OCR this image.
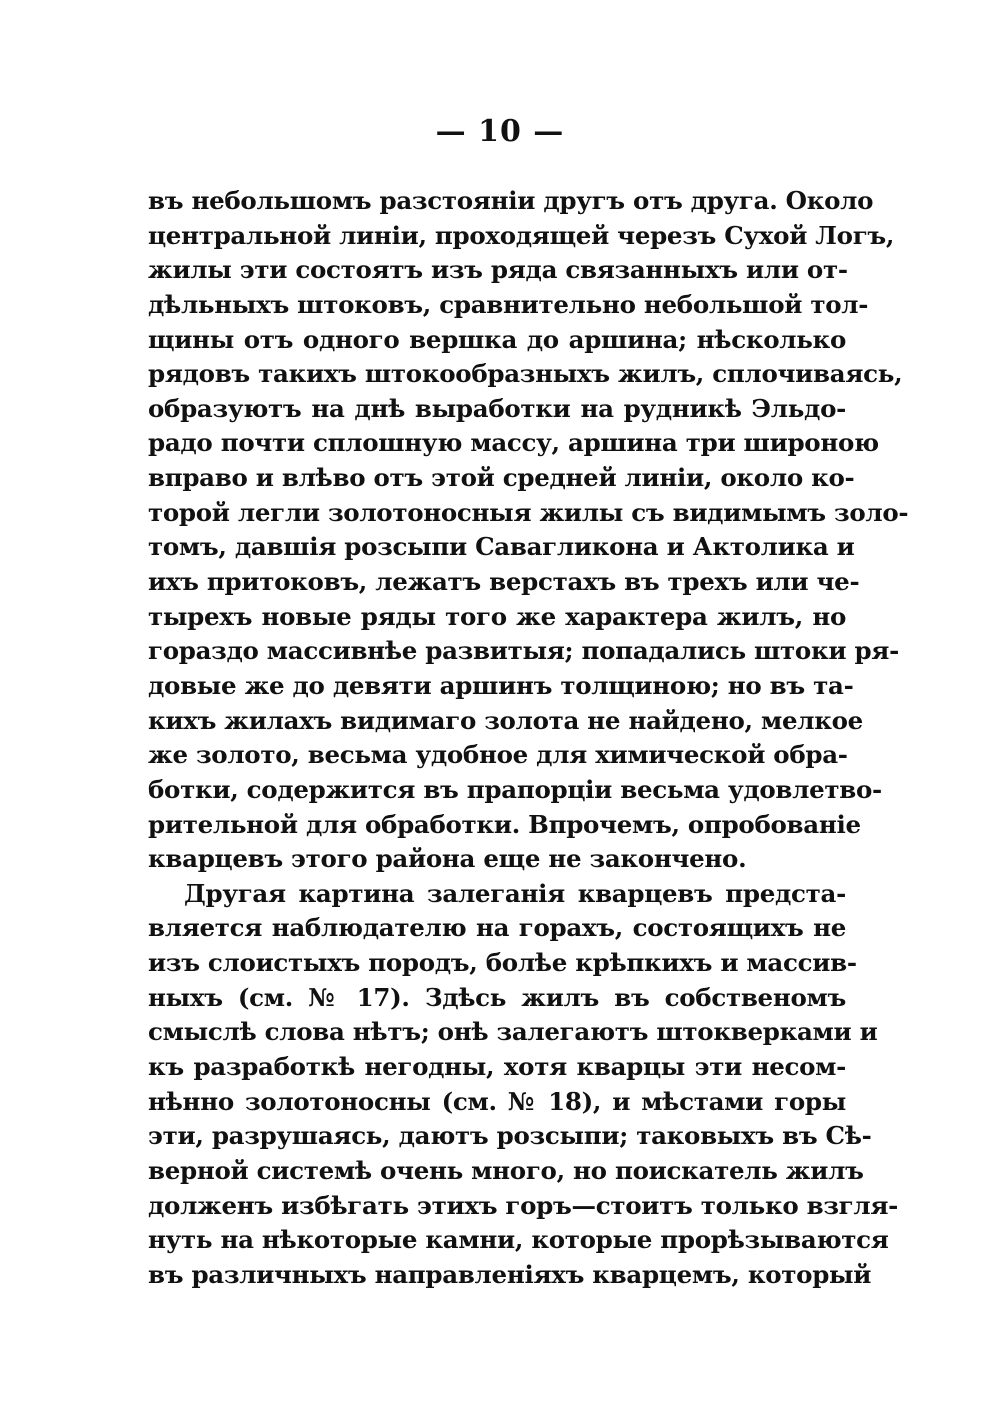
— 10 —
въ небольшомъ разстоянiи другъ отъ друга. Около
центральной линiи, проходящей черезъ Сухой Логъ,
жилы эти состоятъ изъ ряда связанныхъ или от-
дѣльныхъ штоковъ, сравнительно небольшой тол-
щины отъ одного вершка до аршина; нѣсколько
рядовъ такихъ штокообразныхъ жилъ, сплочиваясь,
образуютъ на днѣ выработки на рудникѣ Эльдо-
радо почти сплошную массу, аршина три широною
вправо и влѣво отъ этой средней линiи, около ко-
торой легли золотоносныя жилы съ видимымъ золо-
томъ, давшiя розсыпи Савагликона и Актолика и
ихъ притоковъ, лежатъ верстахъ въ трехъ или че-
тырехъ новые ряды того же характера жилъ, но
гораздо массивнѣе развитыя; попадались штоки ря-
довые же до девяти аршинъ толщиною; но въ та-
кихъ жилахъ видимаго золота не найдено, мелкое
же золото, весьма удобное для химической обра-
ботки, содержится въ прапорцiи весьма удовлетво-
рительной для обработки. Впрочемъ, опробованiе
кварцевъ этого района еще не закончено.
Другая картина залеганiя кварцевъ предста-
вляется наблюдателю на горахъ, состоящихъ не
изъ слоистыхъ породъ, болѣе крѣпкихъ и массив-
ныхъ (см. № 17). Здѣсь жилъ въ собственомъ
смыслѣ слова нѣтъ; онѣ залегаютъ штокверками и
къ разработкѣ негодны, хотя кварцы эти несом-
нѣнно золотоносны (см. № 18), и мѣстами горы
эти, разрушаясь, даютъ розсыпи; таковыхъ въ Сѣ-
верной системѣ очень много, но поискатель жилъ
долженъ избѣгать этихъ горъ—стоитъ только взгля-
нуть на нѣкоторые камни, которые прорѣзываются
въ различныхъ направленiяхъ кварцемъ, который
